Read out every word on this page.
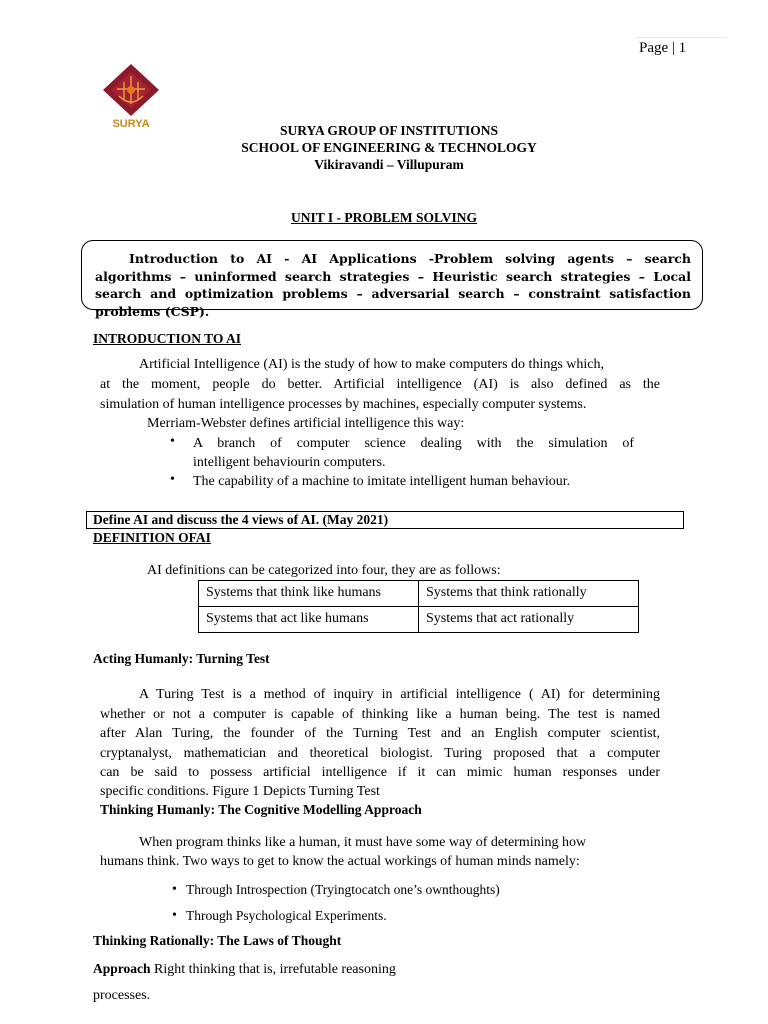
Page | 1
SURYA	SURYA GROUP OF INSTITUTIONS
SCHOOL OF ENGINEERING & TECHNOLOGY
Vikiravandi – Villupuram
UNIT I - PROBLEM SOLVING
Introduction to AI - AI Applications -Problem solving agents – search algorithms – uninformed search strategies – Heuristic search strategies – Local search and optimization problems – adversarial search – constraint satisfaction problems (CSP).
INTRODUCTION TO AI
Artificial Intelligence (AI) is the study of how to make computers do things which,
at the moment, people do better. Artificial intelligence (AI) is also defined as the
simulation of human intelligence processes by machines, especially computer systems.
Merriam-Webster defines artificial intelligence this way:
• A branch of computer science dealing with the simulation of
intelligent behaviourin computers.
• The capability of a machine to imitate intelligent human behaviour.
Define AI and discuss the 4 views of AI. (May 2021)
DEFINITION OFAI
AI definitions can be categorized into four, they are as follows:
Systems that think like humans	Systems that think rationally
Systems that act like humans	Systems that act rationally
Acting Humanly: Turning Test
A Turing Test is a method of inquiry in artificial intelligence ( AI) for determining
whether or not a computer is capable of thinking like a human being. The test is named
after Alan Turing, the founder of the Turning Test and an English computer scientist,
cryptanalyst, mathematician and theoretical biologist. Turing proposed that a computer
can be said to possess artificial intelligence if it can mimic human responses under
specific conditions. Figure 1 Depicts Turning Test
Thinking Humanly: The Cognitive Modelling Approach
When program thinks like a human, it must have some way of determining how
humans think. Two ways to get to know the actual workings of human minds namely:
• Through Introspection (Tryingtocatch one’s ownthoughts)
• Through Psychological Experiments.
Thinking Rationally: The Laws of Thought
Approach Right thinking that is, irrefutable reasoning
processes.
